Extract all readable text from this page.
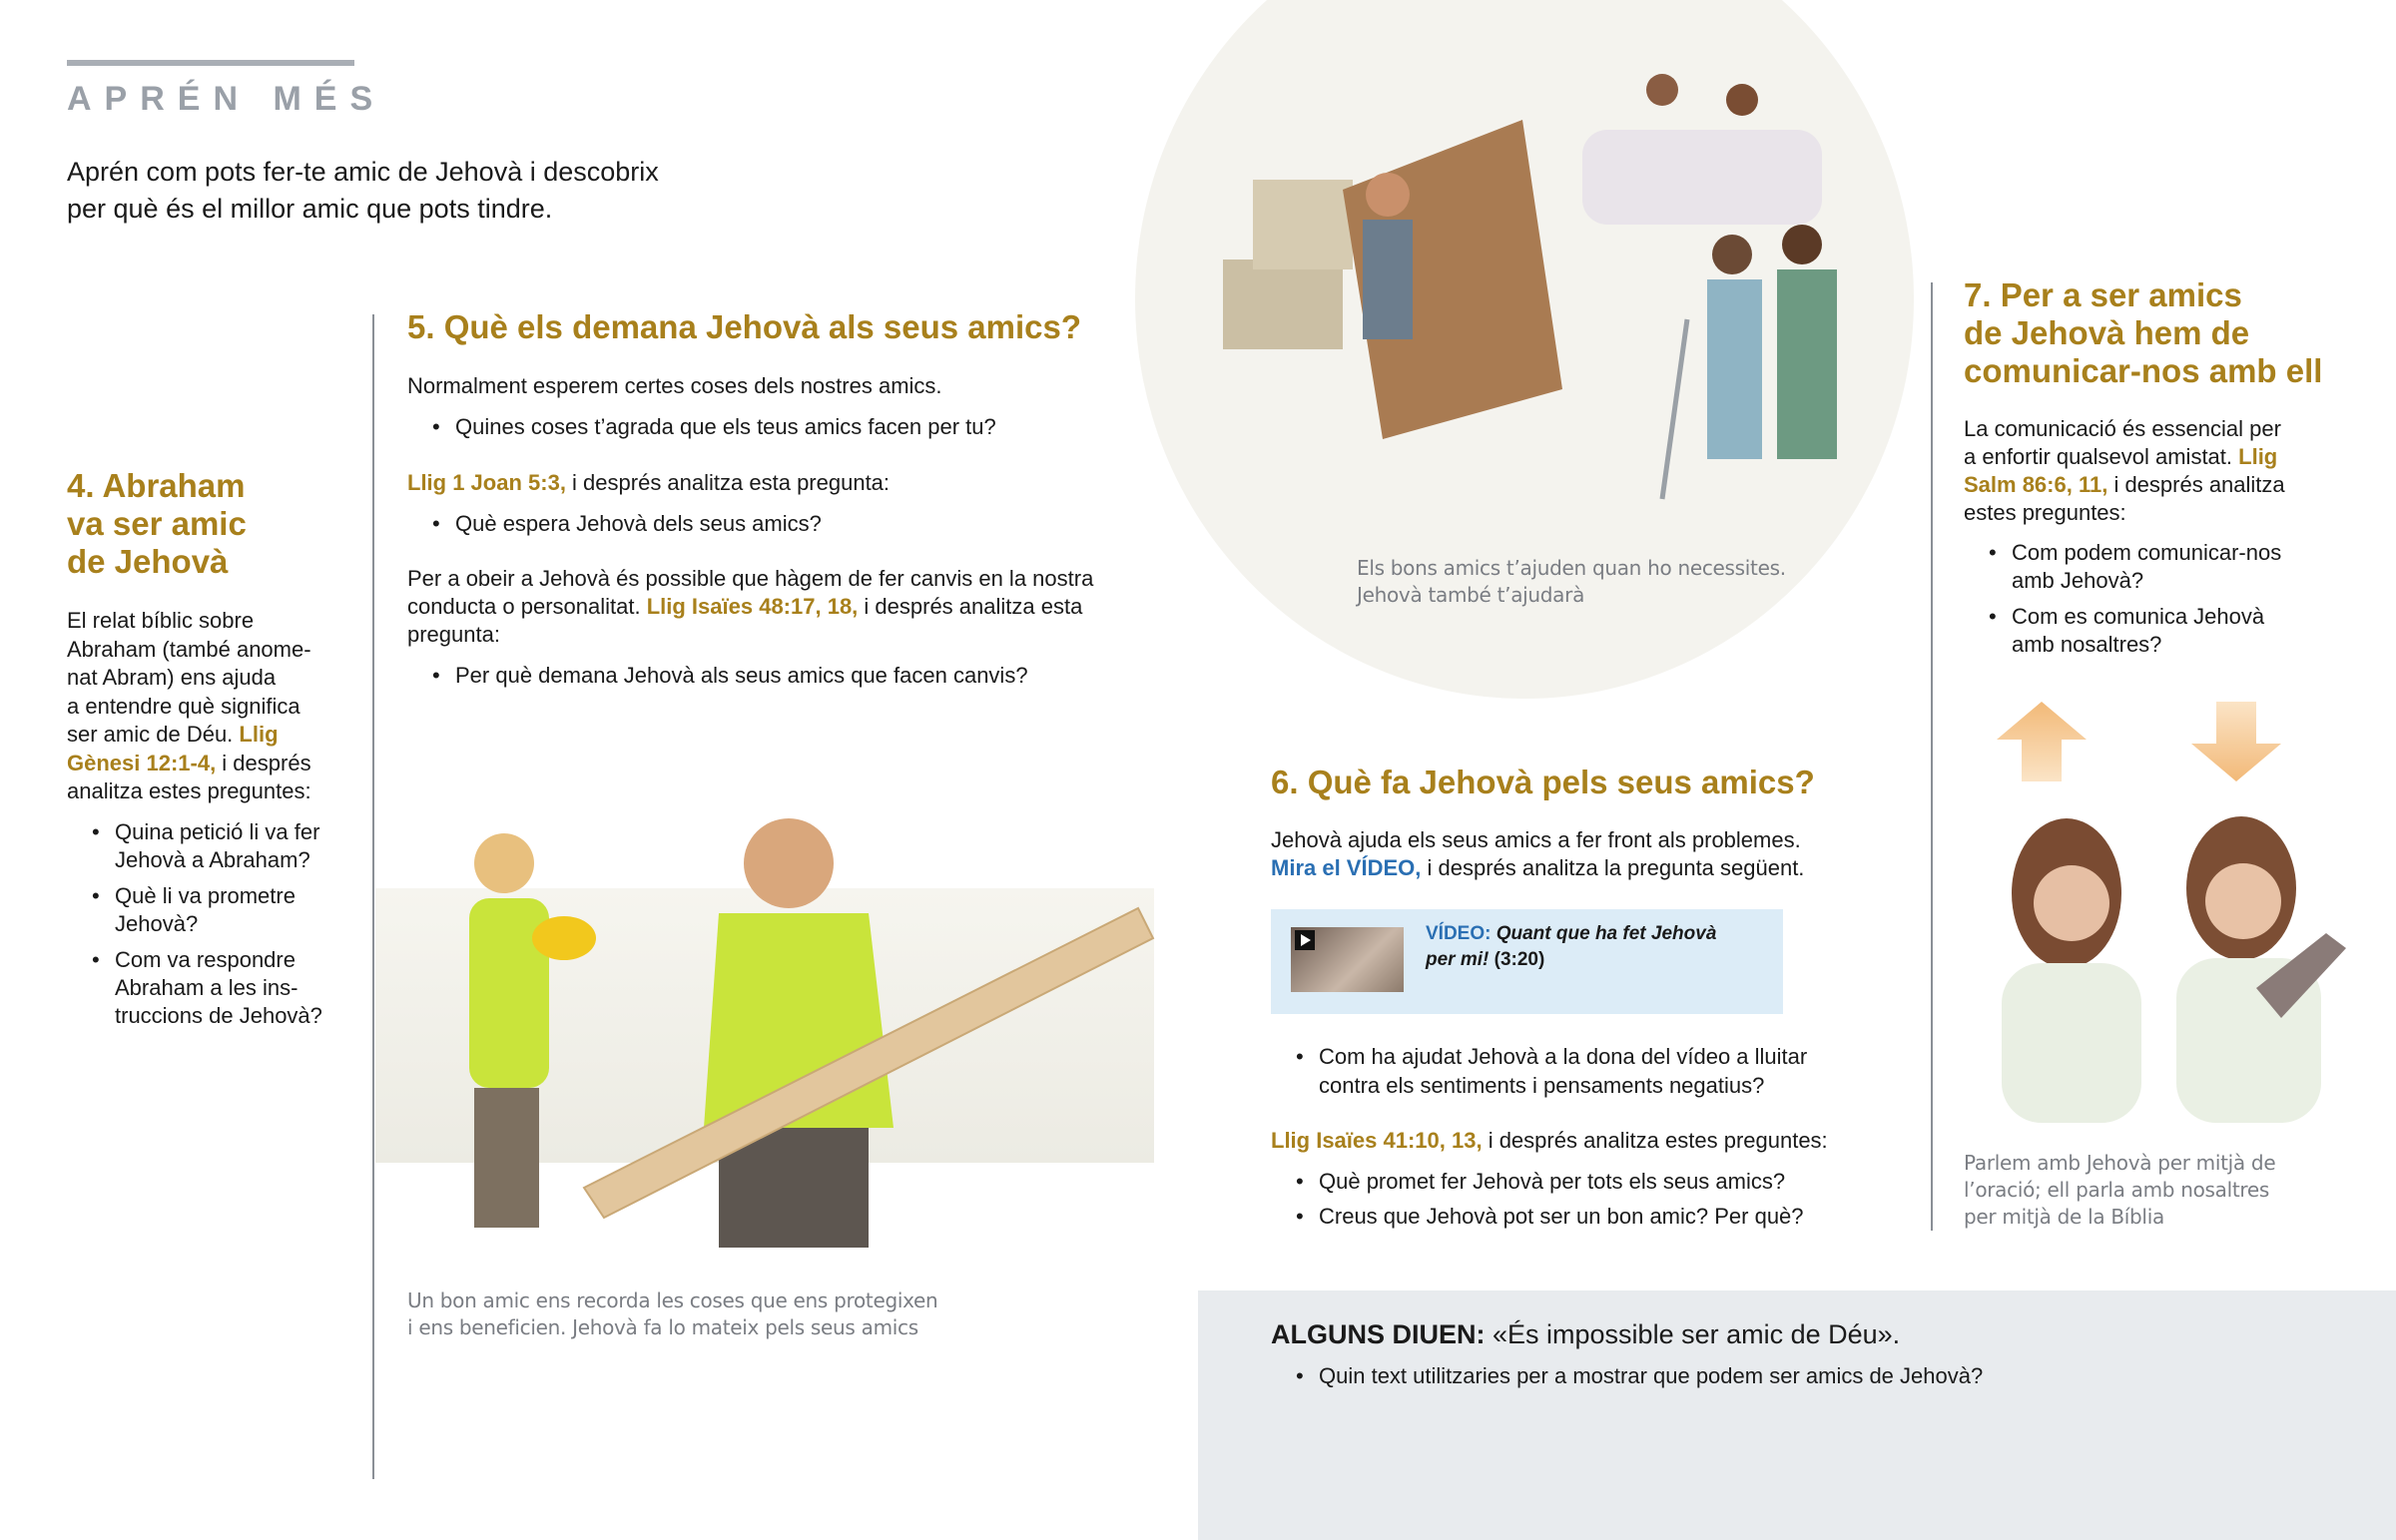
APRÉN MÉS
Aprén com pots fer-te amic de Jehovà i descobrix
per què és el millor amic que pots tindre.
4. Abraham
va ser amic
de Jehovà
El relat bíblic sobre
Abraham (també anome-
nat Abram) ens ajuda
a entendre què significa
ser amic de Déu. Llig
Gènesi 12:1-4, i després
analitza estes preguntes:
• Quina petició li va fer
Jehovà a Abraham?
• Què li va prometre
Jehovà?
• Com va respondre
Abraham a les ins-
truccions de Jehovà?
5. Què els demana Jehovà als seus amics?

Normalment esperem certes coses dels nostres amics.

• Quines coses t’agrada que els teus amics facen per tu?

Llig 1 Joan 5:3, i després analitza esta pregunta:

• Què espera Jehovà dels seus amics?
Per a obeir a Jehovà és possible que hàgem de fer canvis en la nostra
conducta o personalitat. Llig Isaïes 48:17, 18, i després analitza esta
pregunta:
• Per què demana Jehovà als seus amics que facen canvis?
Un bon amic ens recorda les coses que ens protegixen
i ens beneficien. Jehovà fa lo mateix pels seus amics
Els bons amics t’ajuden quan ho necessites.
Jehovà també t’ajudarà
6. Què fa Jehovà pels seus amics?
Jehovà ajuda els seus amics a fer front als problemes.
Mira el VÍDEO, i després analitza la pregunta següent.
VÍDEO: Quant que ha fet Jehovà
per mi! (3:20)
• Com ha ajudat Jehovà a la dona del vídeo a lluitar
contra els sentiments i pensaments negatius?

Llig Isaïes 41:10, 13, i després analitza estes preguntes:

• Què promet fer Jehovà per tots els seus amics?
• Creus que Jehovà pot ser un bon amic? Per què?
7. Per a ser amics
de Jehovà hem de
comunicar-nos amb ell
La comunicació és essencial per
a enfortir qualsevol amistat. Llig
Salm 86:6, 11, i després analitza
estes preguntes:
• Com podem comunicar-nos
amb Jehovà?
• Com es comunica Jehovà
amb nosaltres?
Parlem amb Jehovà per mitjà de
l’oració; ell parla amb nosaltres
per mitjà de la Bíblia
ALGUNS DIUEN: «És impossible ser amic de Déu».
• Quin text utilitzaries per a mostrar que podem ser amics de Jehovà?
